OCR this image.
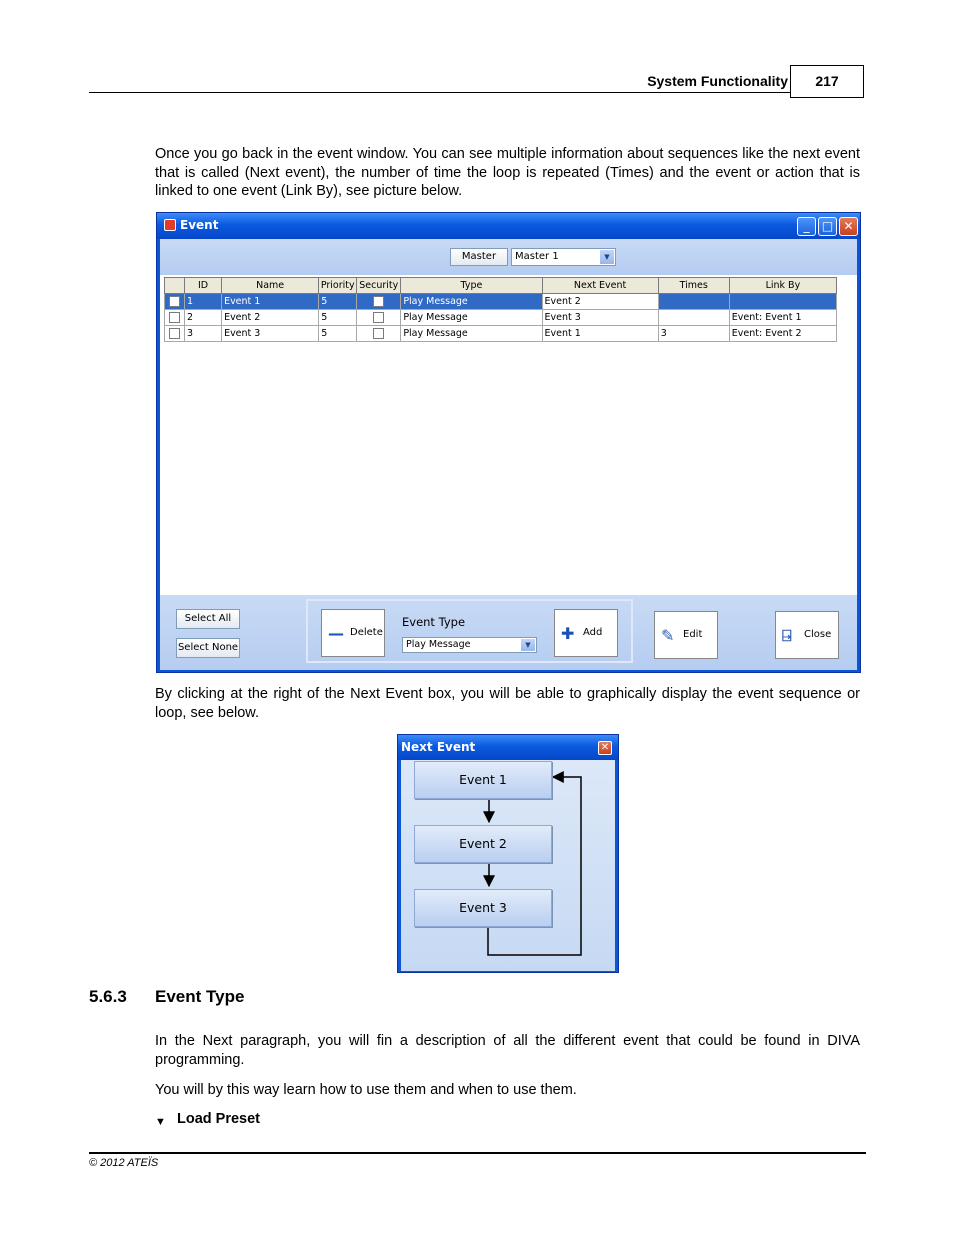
System Functionality	217
Once you go back in the event window. You can see multiple information about sequences like the next event that is called (Next event), the number of time the loop is repeated (Times) and the event or action that is linked to one event (Link By), see picture below.
Event	_	□ ✕
Master	Master 1	▼
	ID	Name	Priority	Security	Type	Next Event	Times	Link By
	1	Event 1	5		Play Message	Event 2		
	2	Event 2	5		Play Message	Event 3		Event: Event 1
	3	Event 3	5		Play Message	Event 1	3	Event: Event 2
Select All
Select None
— Delete
Event Type
Play Message	▼
✚ Add	✎ Edit	⍈ Close
By clicking at the right of the Next Event box, you will be able to graphically display the event sequence or loop, see below.
Next Event	✕
Event 1
Event 2
Event 3
5.6.3 Event Type
In the Next paragraph, you will fin a description of all the different event that could be found in DIVA programming.
You will by this way learn how to use them and when to use them.
▼ Load Preset
© 2012 ATEÏS
